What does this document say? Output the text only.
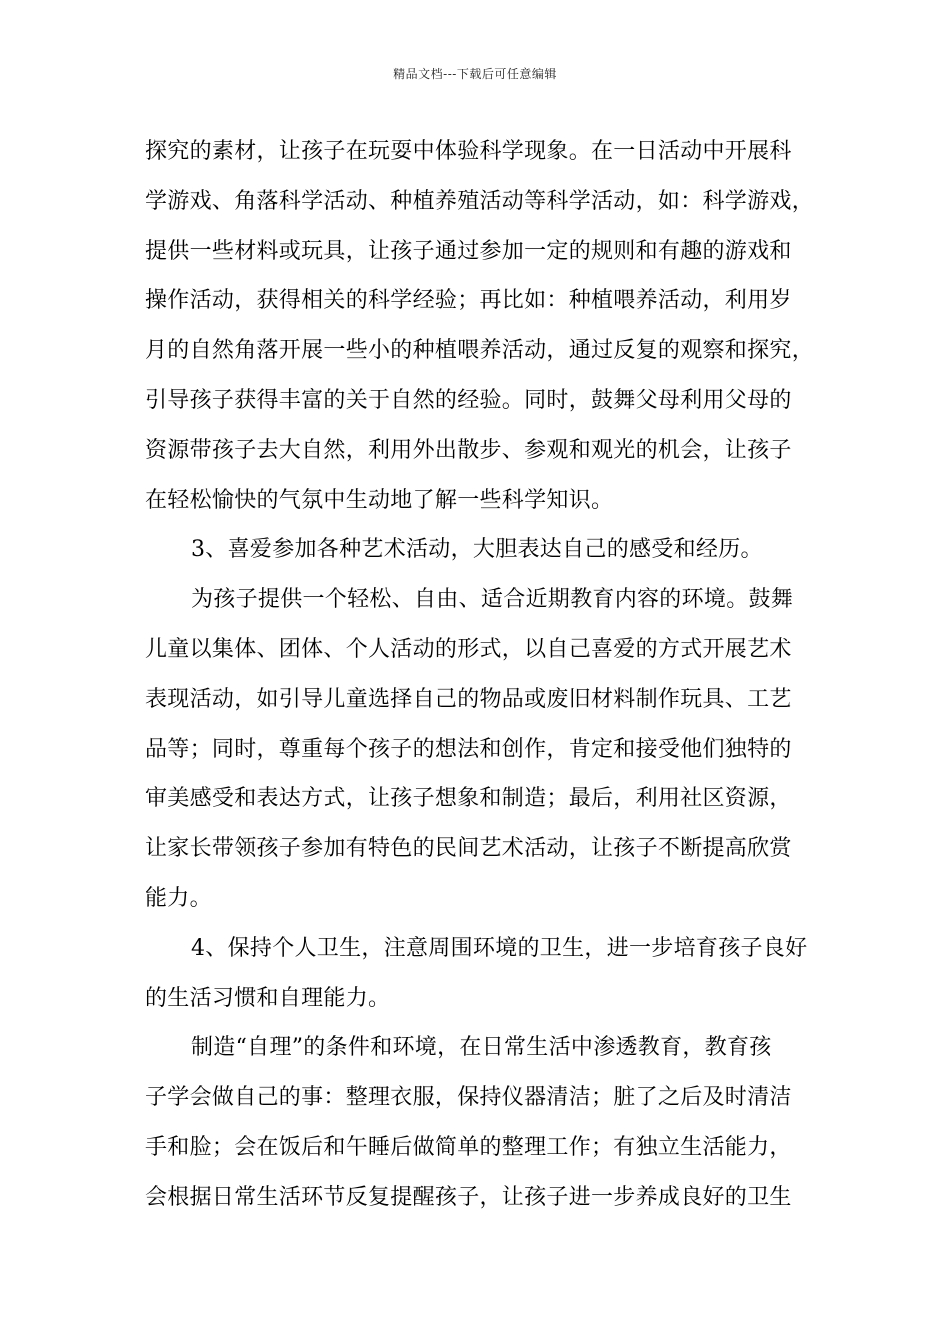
精品文档---下载后可任意编辑
探究的素材，让孩子在玩耍中体验科学现象。在一日活动中开展科
学游戏、角落科学活动、种植养殖活动等科学活动，如：科学游戏，
提供一些材料或玩具，让孩子通过参加一定的规则和有趣的游戏和
操作活动，获得相关的科学经验；再比如：种植喂养活动，利用岁
月的自然角落开展一些小的种植喂养活动，通过反复的观察和探究，
引导孩子获得丰富的关于自然的经验。同时，鼓舞父母利用父母的
资源带孩子去大自然，利用外出散步、参观和观光的机会，让孩子
在轻松愉快的气氛中生动地了解一些科学知识。
3、喜爱参加各种艺术活动，大胆表达自己的感受和经历。
为孩子提供一个轻松、自由、适合近期教育内容的环境。鼓舞
儿童以集体、团体、个人活动的形式，以自己喜爱的方式开展艺术
表现活动，如引导儿童选择自己的物品或废旧材料制作玩具、工艺
品等；同时，尊重每个孩子的想法和创作，肯定和接受他们独特的
审美感受和表达方式，让孩子想象和制造；最后，利用社区资源，
让家长带领孩子参加有特色的民间艺术活动，让孩子不断提高欣赏
能力。
4、保持个人卫生，注意周围环境的卫生，进一步培育孩子良好
的生活习惯和自理能力。
制造“自理”的条件和环境，在日常生活中渗透教育，教育孩
子学会做自己的事：整理衣服，保持仪器清洁；脏了之后及时清洁
手和脸；会在饭后和午睡后做简单的整理工作；有独立生活能力，
会根据日常生活环节反复提醒孩子，让孩子进一步养成良好的卫生
